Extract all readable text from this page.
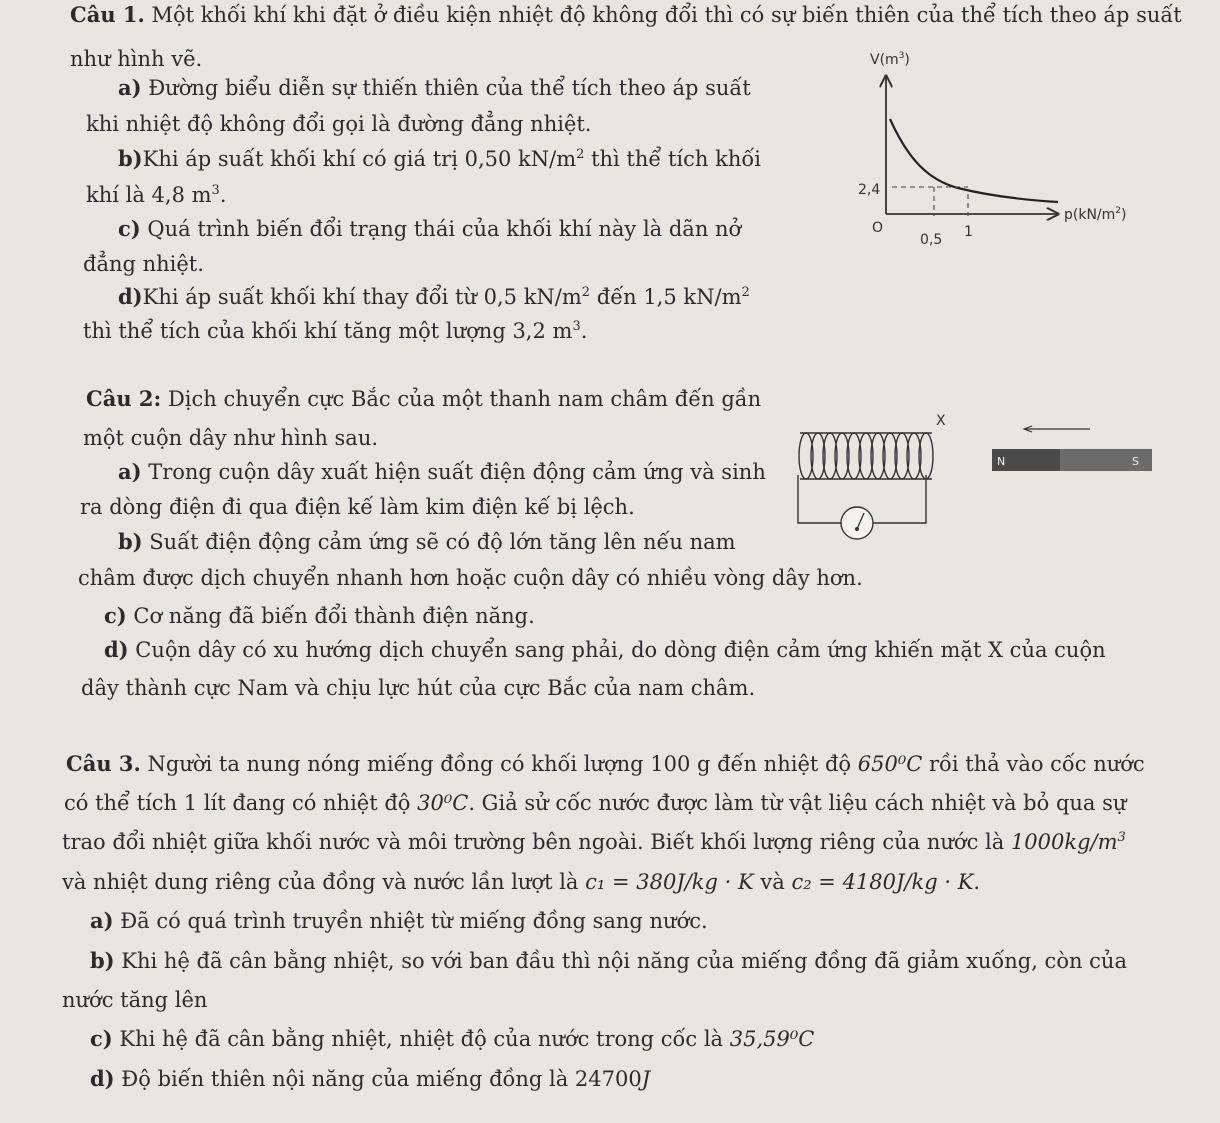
Câu 1. Một khối khí khi đặt ở điều kiện nhiệt độ không đổi thì có sự biến thiên của thể tích theo áp suất
như hình vẽ.
a) Đường biểu diễn sự thiến thiên của thể tích theo áp suất
khi nhiệt độ không đổi gọi là đường đẳng nhiệt.
b)Khi áp suất khối khí có giá trị 0,50 $kN/m^2$ thì thể tích khối
khí là 4,8 $m^3$.
c) Quá trình biến đổi trạng thái của khối khí này là dãn nở
đẳng nhiệt.
d)Khi áp suất khối khí thay đổi từ 0,5 $kN/m^2$ đến 1,5 $kN/m^2$
thì thể tích của khối khí tăng một lượng 3,2 $m^3$.
$V(m^3)$
$p(kN/m^2)$
2,4
O
0,5 1
Câu 2: Dịch chuyển cực Bắc của một thanh nam châm đến gần
một cuộn dây như hình sau.
a) Trong cuộn dây xuất hiện suất điện động cảm ứng và sinh
ra dòng điện đi qua điện kế làm kim điện kế bị lệch.
b) Suất điện động cảm ứng sẽ có độ lớn tăng lên nếu nam
châm được dịch chuyển nhanh hơn hoặc cuộn dây có nhiều vòng dây hơn.
c) Cơ năng đã biến đổi thành điện năng.
d) Cuộn dây có xu hướng dịch chuyển sang phải, do dòng điện cảm ứng khiến mặt X của cuộn
dây thành cực Nam và chịu lực hút của cực Bắc của nam châm.
X
N	S
Câu 3. Người ta nung nóng miếng đồng có khối lượng 100 g đến nhiệt độ 650⁰C rồi thả vào cốc nước
có thể tích 1 lít đang có nhiệt độ 30⁰C. Giả sử cốc nước được làm từ vật liệu cách nhiệt và bỏ qua sự
trao đổi nhiệt giữa khối nước và môi trường bên ngoài. Biết khối lượng riêng của nước là $1000kg/m^3$
và nhiệt dung riêng của đồng và nước lần lượt là c₁ = 380J/kg · K và c₂ = 4180J/kg · K.
a) Đã có quá trình truyền nhiệt từ miếng đồng sang nước.
b) Khi hệ đã cân bằng nhiệt, so với ban đầu thì nội năng của miếng đồng đã giảm xuống, còn của
nước tăng lên
c) Khi hệ đã cân bằng nhiệt, nhiệt độ của nước trong cốc là 35,59⁰C
d) Độ biến thiên nội năng của miếng đồng là 24700J
